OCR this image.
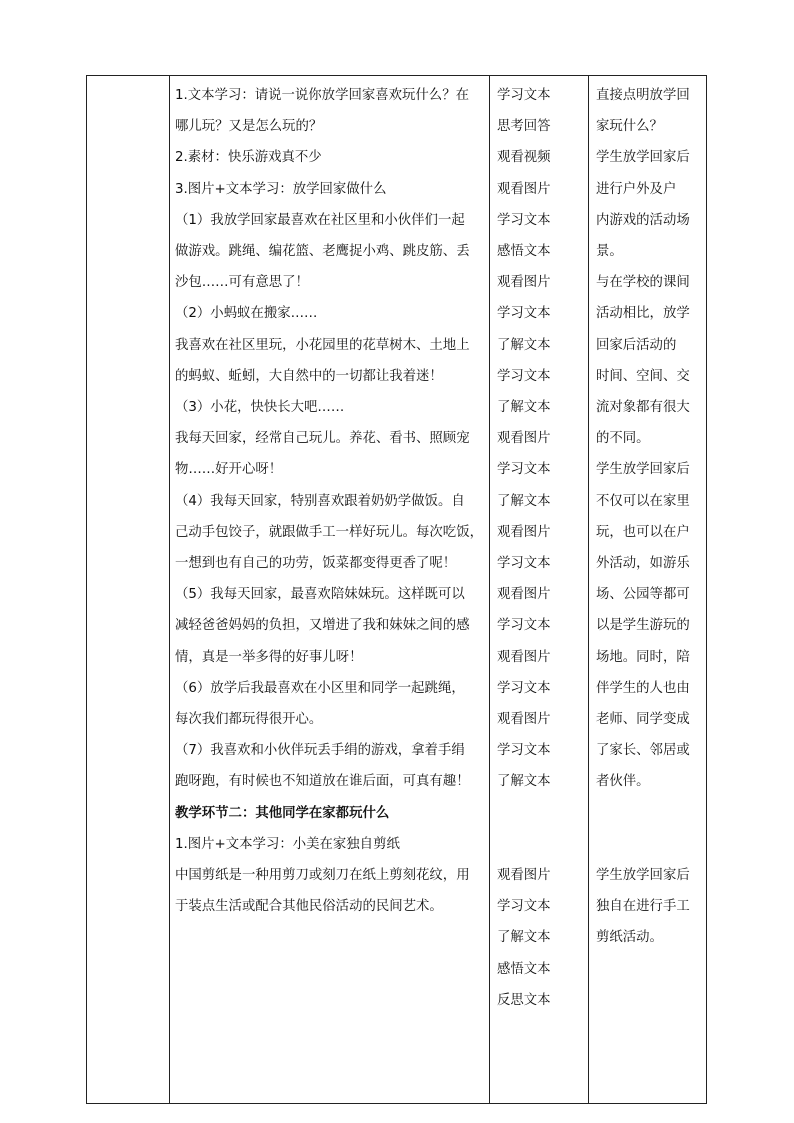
1.文本学习：请说一说你放学回家喜欢玩什么？在

哪儿玩？又是怎么玩的？

2.素材：快乐游戏真不少

3.图片+文本学习：放学回家做什么

（1）我放学回家最喜欢在社区里和小伙伴们一起

做游戏。跳绳、编花篮、老鹰捉小鸡、跳皮筋、丢

沙包……可有意思了！

（2）小蚂蚁在搬家……

我喜欢在社区里玩，小花园里的花草树木、土地上

的蚂蚁、蚯蚓，大自然中的一切都让我着迷！

（3）小花，快快长大吧……

我每天回家，经常自己玩儿。养花、看书、照顾宠

物……好开心呀！

（4）我每天回家，特别喜欢跟着奶奶学做饭。自

己动手包饺子，就跟做手工一样好玩儿。每次吃饭，

一想到也有自己的功劳，饭菜都变得更香了呢！

（5）我每天回家，最喜欢陪妹妹玩。这样既可以

减轻爸爸妈妈的负担，又增进了我和妹妹之间的感

情，真是一举多得的好事儿呀！

（6）放学后我最喜欢在小区里和同学一起跳绳，

每次我们都玩得很开心。

（7）我喜欢和小伙伴玩丢手绢的游戏，拿着手绢

跑呀跑，有时候也不知道放在谁后面，可真有趣！

教学环节二：其他同学在家都玩什么

1.图片+文本学习：小美在家独自剪纸

中国剪纸是一种用剪刀或刻刀在纸上剪刻花纹，用

于装点生活或配合其他民俗活动的民间艺术。

学习文本

思考回答

观看视频

观看图片

学习文本

感悟文本

观看图片

学习文本

了解文本

学习文本

了解文本

观看图片

学习文本

了解文本

观看图片

学习文本

观看图片

学习文本

观看图片

学习文本

观看图片

学习文本

了解文本

观看图片

学习文本

了解文本

感悟文本

反思文本

直接点明放学回

家玩什么？

学生放学回家后

进行户外及户

内游戏的活动场

景。

与在学校的课间

活动相比，放学

回家后活动的

时间、空间、交

流对象都有很大

的不同。

学生放学回家后

不仅可以在家里

玩，也可以在户

外活动，如游乐

场、公园等都可

以是学生游玩的

场地。同时，陪

伴学生的人也由

老师、同学变成

了家长、邻居或

者伙伴。

学生放学回家后

独自在进行手工

剪纸活动。
